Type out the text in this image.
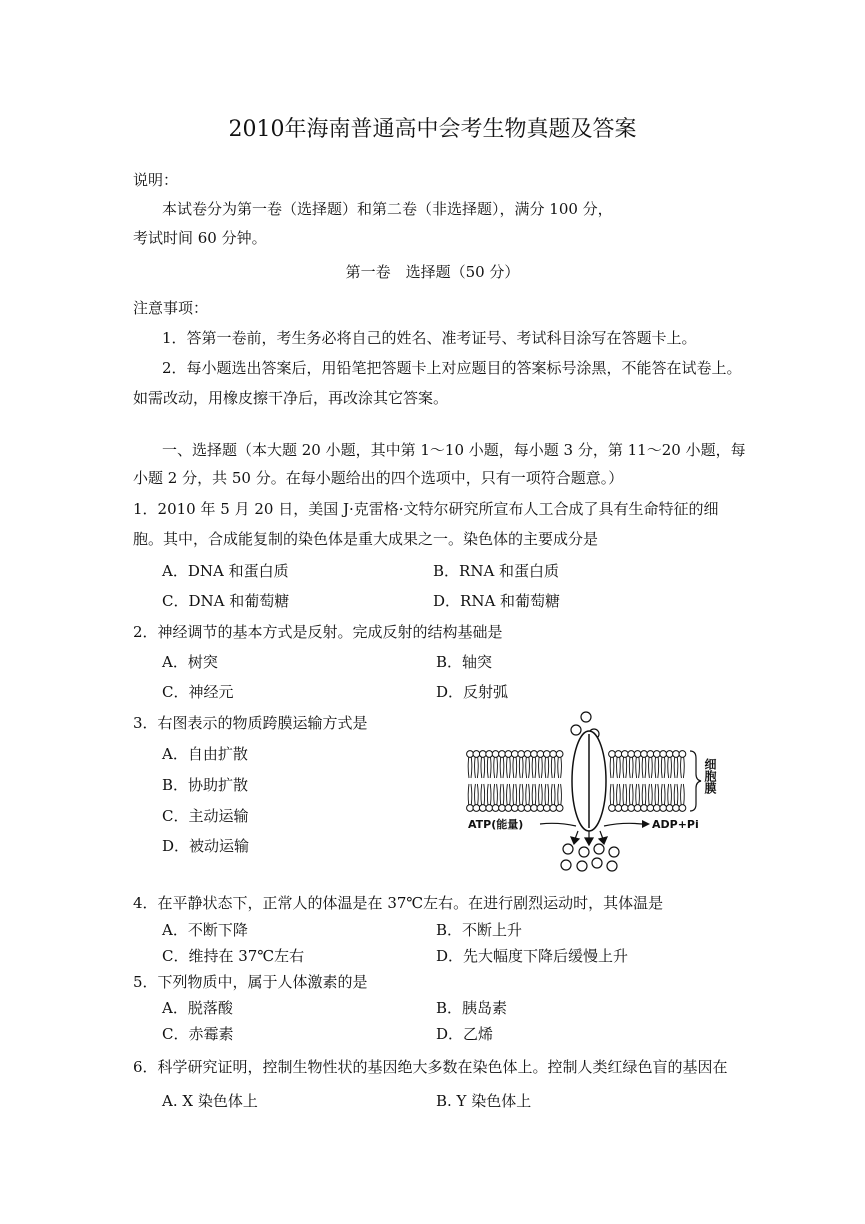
2010年海南普通高中会考生物真题及答案
说明：
本试卷分为第一卷（选择题）和第二卷（非选择题），满分 100 分，
考试时间 60 分钟。
第一卷　选择题（50 分）
注意事项：
1．答第一卷前，考生务必将自己的姓名、准考证号、考试科目涂写在答题卡上。
2．每小题选出答案后，用铅笔把答题卡上对应题目的答案标号涂黑，不能答在试卷上。
如需改动，用橡皮擦干净后，再改涂其它答案。
一、选择题（本大题 20 小题，其中第 1～10 小题，每小题 3 分，第 11～20 小题，每
小题 2 分，共 50 分。在每小题给出的四个选项中，只有一项符合题意。）
1．2010 年 5 月 20 日，美国 J·克雷格·文特尔研究所宣布人工合成了具有生命特征的细
胞。其中，合成能复制的染色体是重大成果之一。染色体的主要成分是
A．DNA 和蛋白质	B．RNA 和蛋白质
C．DNA 和葡萄糖	D．RNA 和葡萄糖
2．神经调节的基本方式是反射。完成反射的结构基础是
A．树突	B．轴突
C．神经元	D．反射弧
3．右图表示的物质跨膜运输方式是
A．自由扩散
B．协助扩散
C．主动运输
D．被动运输
细胞膜
ATP(能量)	ADP+Pi
4．在平静状态下，正常人的体温是在 37℃左右。在进行剧烈运动时，其体温是
A．不断下降	B．不断上升
C．维持在 37℃左右	D．先大幅度下降后缓慢上升
5．下列物质中，属于人体激素的是
A．脱落酸	B．胰岛素
C．赤霉素	D．乙烯
6．科学研究证明，控制生物性状的基因绝大多数在染色体上。控制人类红绿色盲的基因在
A. X 染色体上	B. Y 染色体上
